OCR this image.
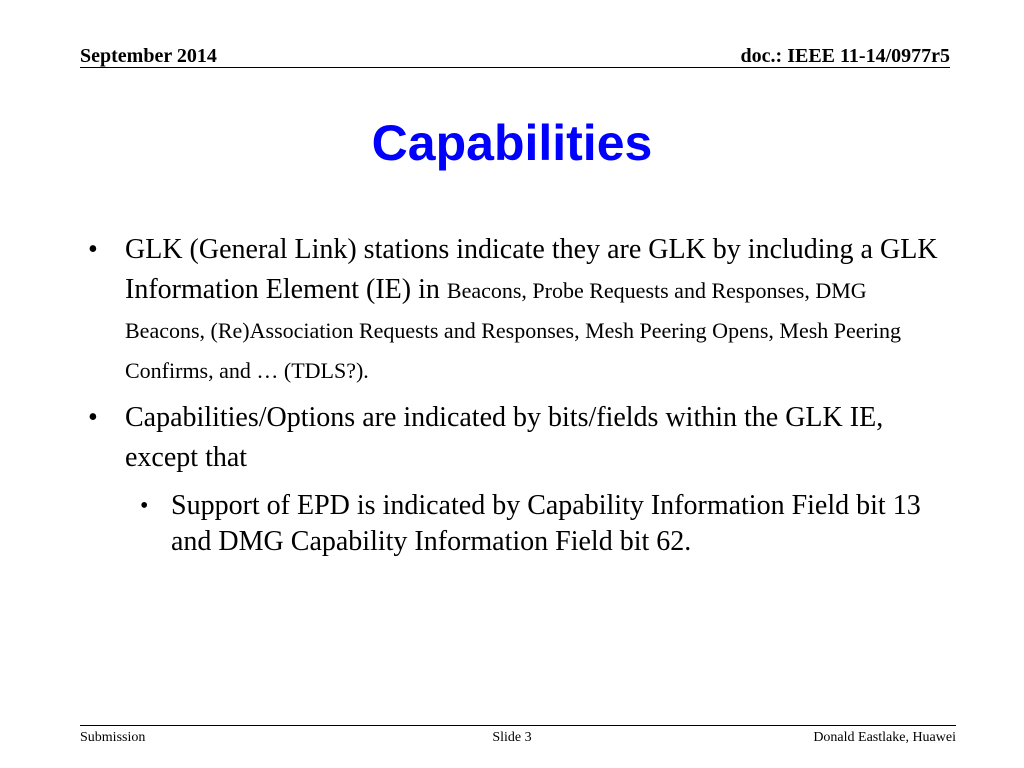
September 2014	doc.: IEEE 11-14/0977r5
Capabilities
• GLK (General Link) stations indicate they are GLK by including a GLK Information Element (IE) in Beacons, Probe Requests and Responses, DMG Beacons, (Re)Association Requests and Responses, Mesh Peering Opens, Mesh Peering Confirms, and … (TDLS?).
• Capabilities/Options are indicated by bits/fields within the GLK IE, except that
• Support of EPD is indicated by Capability Information Field bit 13 and DMG Capability Information Field bit 62.
Submission	Slide 3	Donald Eastlake, Huawei
